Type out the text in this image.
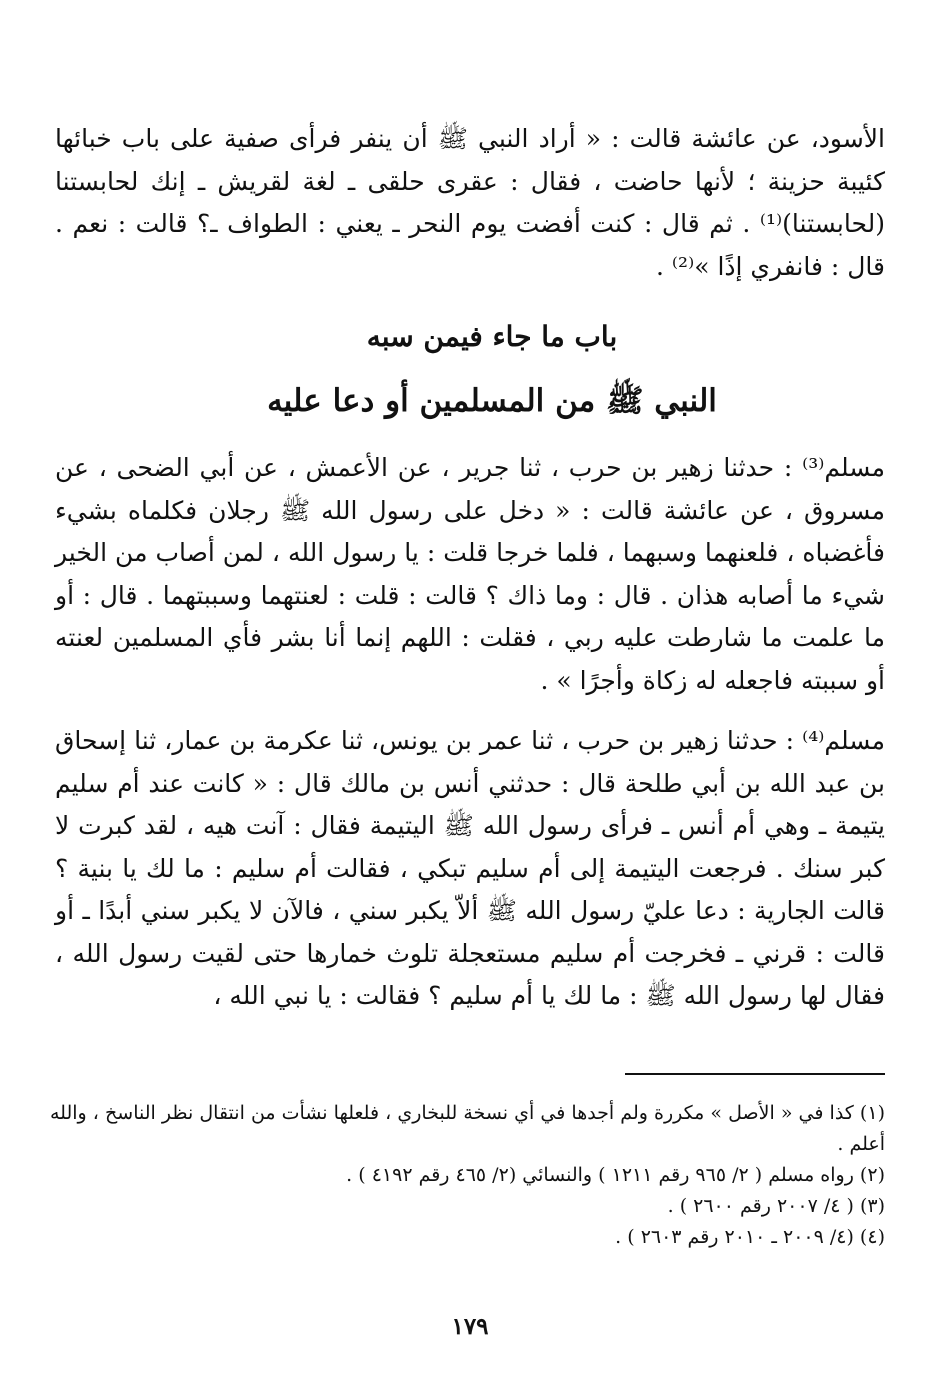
الأسود، عن عائشة قالت : « أراد النبي ﷺ أن ينفر فرأى صفية على باب خبائها كئيبة حزينة ؛ لأنها حاضت ، فقال : عقرى حلقى ـ لغة لقريش ـ إنك لحابستنا (لحابستنا)⁽¹⁾ . ثم قال : كنت أفضت يوم النحر ـ يعني : الطواف ـ؟ قالت : نعم . قال : فانفري إذًا »⁽²⁾ .

باب ما جاء فيمن سبه
النبي ﷺ من المسلمين أو دعا عليه

مسلم⁽³⁾ : حدثنا زهير بن حرب ، ثنا جرير ، عن الأعمش ، عن أبي الضحى ، عن مسروق ، عن عائشة قالت : « دخل على رسول الله ﷺ رجلان فكلماه بشيء فأغضباه ، فلعنهما وسبهما ، فلما خرجا قلت : يا رسول الله ، لمن أصاب من الخير شيء ما أصابه هذان . قال : وما ذاك ؟ قالت : قلت : لعنتهما وسببتهما . قال : أو ما علمت ما شارطت عليه ربي ، فقلت : اللهم إنما أنا بشر فأي المسلمين لعنته أو سببته فاجعله له زكاة وأجرًا » .

مسلم⁽⁴⁾ : حدثنا زهير بن حرب ، ثنا عمر بن يونس، ثنا عكرمة بن عمار، ثنا إسحاق بن عبد الله بن أبي طلحة قال : حدثني أنس بن مالك قال : « كانت عند أم سليم يتيمة ـ وهي أم أنس ـ فرأى رسول الله ﷺ اليتيمة فقال : آنت هيه ، لقد كبرت لا كبر سنك . فرجعت اليتيمة إلى أم سليم تبكي ، فقالت أم سليم : ما لك يا بنية ؟ قالت الجارية : دعا عليّ رسول الله ﷺ ألاّ يكبر سني ، فالآن لا يكبر سني أبدًا ـ أو قالت : قرني ـ فخرجت أم سليم مستعجلة تلوث خمارها حتى لقيت رسول الله ، فقال لها رسول الله ﷺ : ما لك يا أم سليم ؟ فقالت : يا نبي الله ،

(١) كذا في « الأصل » مكررة ولم أجدها في أي نسخة للبخاري ، فلعلها نشأت من انتقال نظر الناسخ ، والله أعلم .
(٢) رواه مسلم ( ٢/ ٩٦٥ رقم ١٢١١ ) والنسائي (٢/ ٤٦٥ رقم ٤١٩٢ ) .
(٣) ( ٤/ ٢٠٠٧ رقم ٢٦٠٠ ) .
(٤) (٤/ ٢٠٠٩ ـ ٢٠١٠ رقم ٢٦٠٣ ) .
١٧٩
